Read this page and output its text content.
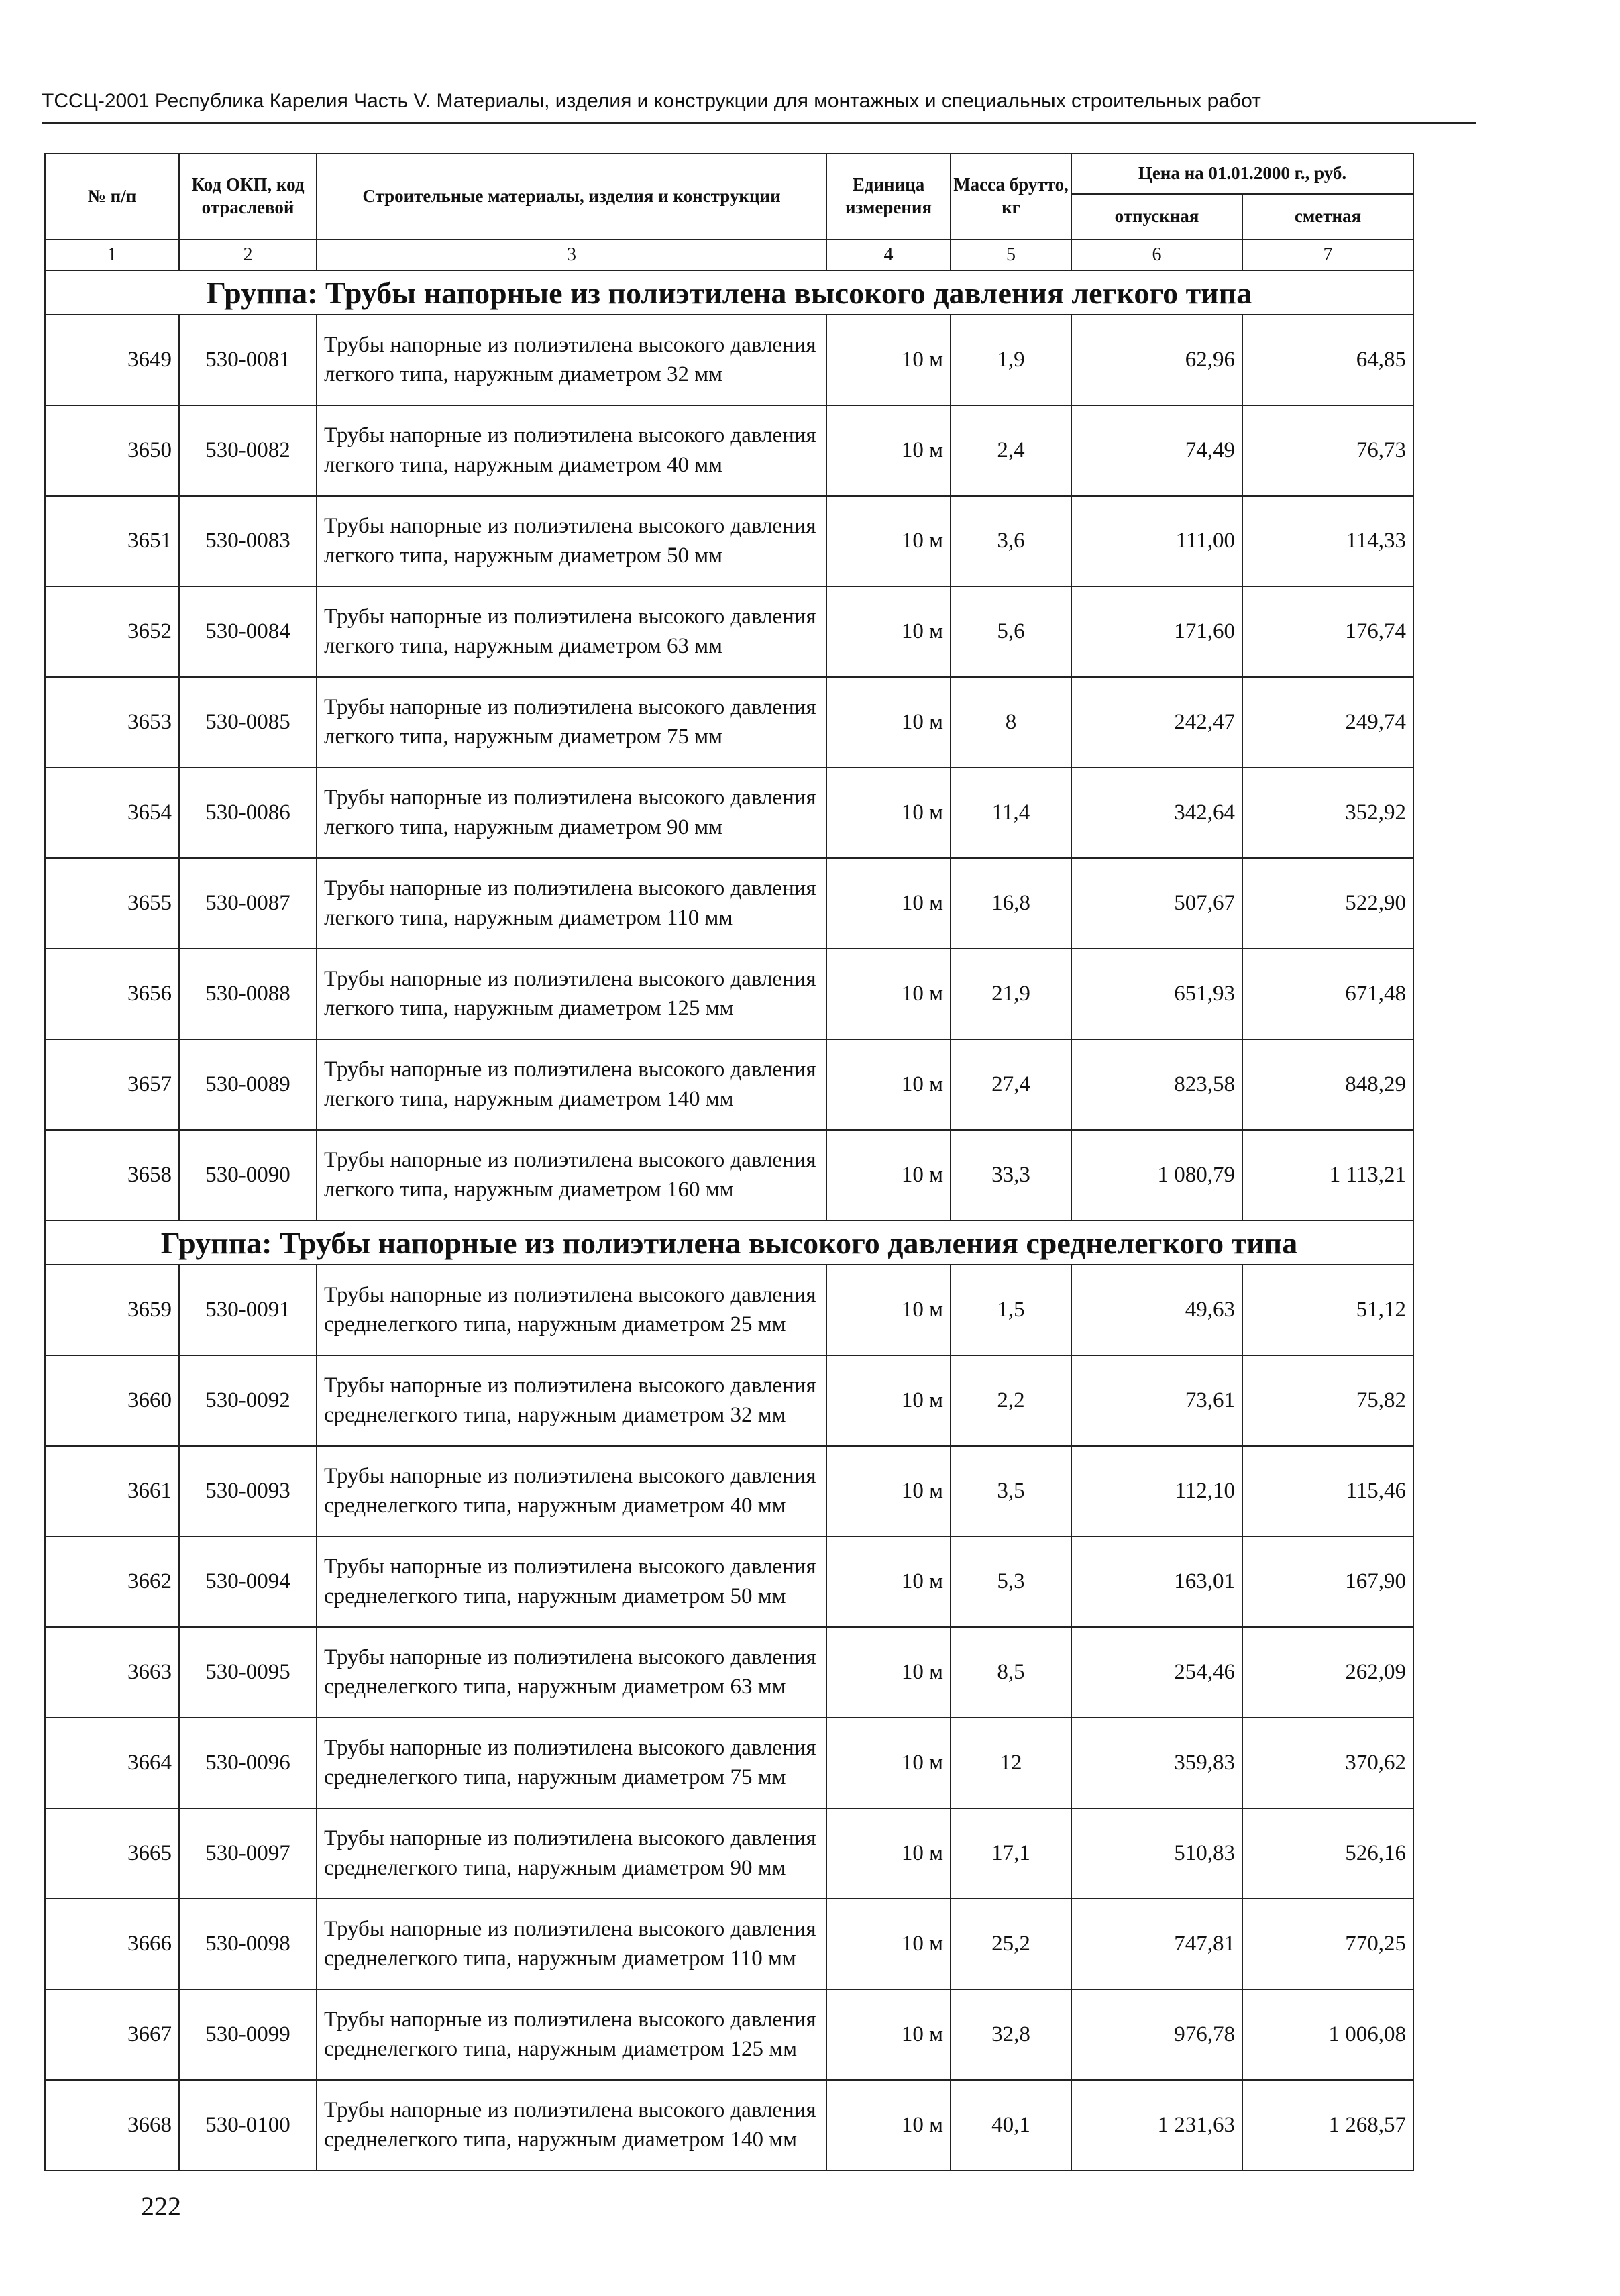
ТССЦ-2001 Республика Карелия Часть V. Материалы, изделия и конструкции для монтажных и специальных строительных работ
№ п/п	Код ОКП, код отраслевой	Строительные материалы, изделия и конструкции	Единица измерения	Масса брутто, кг	Цена на 01.01.2000 г., руб.	
					отпускная	сметная
1	2	3	4	5	6	7
Группа: Трубы напорные из полиэтилена высокого давления легкого типа						
3649	530-0081	Трубы напорные из полиэтилена высокого давления легкого типа, наружным диаметром 32 мм	10 м	1,9	62,96	64,85
3650	530-0082	Трубы напорные из полиэтилена высокого давления легкого типа, наружным диаметром 40 мм	10 м	2,4	74,49	76,73
3651	530-0083	Трубы напорные из полиэтилена высокого давления легкого типа, наружным диаметром 50 мм	10 м	3,6	111,00	114,33
3652	530-0084	Трубы напорные из полиэтилена высокого давления легкого типа, наружным диаметром 63 мм	10 м	5,6	171,60	176,74
3653	530-0085	Трубы напорные из полиэтилена высокого давления легкого типа, наружным диаметром 75 мм	10 м	8	242,47	249,74
3654	530-0086	Трубы напорные из полиэтилена высокого давления легкого типа, наружным диаметром 90 мм	10 м	11,4	342,64	352,92
3655	530-0087	Трубы напорные из полиэтилена высокого давления легкого типа, наружным диаметром 110 мм	10 м	16,8	507,67	522,90
3656	530-0088	Трубы напорные из полиэтилена высокого давления легкого типа, наружным диаметром 125 мм	10 м	21,9	651,93	671,48
3657	530-0089	Трубы напорные из полиэтилена высокого давления легкого типа, наружным диаметром 140 мм	10 м	27,4	823,58	848,29
3658	530-0090	Трубы напорные из полиэтилена высокого давления легкого типа, наружным диаметром 160 мм	10 м	33,3	1 080,79	1 113,21
Группа: Трубы напорные из полиэтилена высокого давления среднелегкого типа						
3659	530-0091	Трубы напорные из полиэтилена высокого давления среднелегкого типа, наружным диаметром 25 мм	10 м	1,5	49,63	51,12
3660	530-0092	Трубы напорные из полиэтилена высокого давления среднелегкого типа, наружным диаметром 32 мм	10 м	2,2	73,61	75,82
3661	530-0093	Трубы напорные из полиэтилена высокого давления среднелегкого типа, наружным диаметром 40 мм	10 м	3,5	112,10	115,46
3662	530-0094	Трубы напорные из полиэтилена высокого давления среднелегкого типа, наружным диаметром 50 мм	10 м	5,3	163,01	167,90
3663	530-0095	Трубы напорные из полиэтилена высокого давления среднелегкого типа, наружным диаметром 63 мм	10 м	8,5	254,46	262,09
3664	530-0096	Трубы напорные из полиэтилена высокого давления среднелегкого типа, наружным диаметром 75 мм	10 м	12	359,83	370,62
3665	530-0097	Трубы напорные из полиэтилена высокого давления среднелегкого типа, наружным диаметром 90 мм	10 м	17,1	510,83	526,16
3666	530-0098	Трубы напорные из полиэтилена высокого давления среднелегкого типа, наружным диаметром 110 мм	10 м	25,2	747,81	770,25
3667	530-0099	Трубы напорные из полиэтилена высокого давления среднелегкого типа, наружным диаметром 125 мм	10 м	32,8	976,78	1 006,08
3668	530-0100	Трубы напорные из полиэтилена высокого давления среднелегкого типа, наружным диаметром 140 мм	10 м	40,1	1 231,63	1 268,57
222
